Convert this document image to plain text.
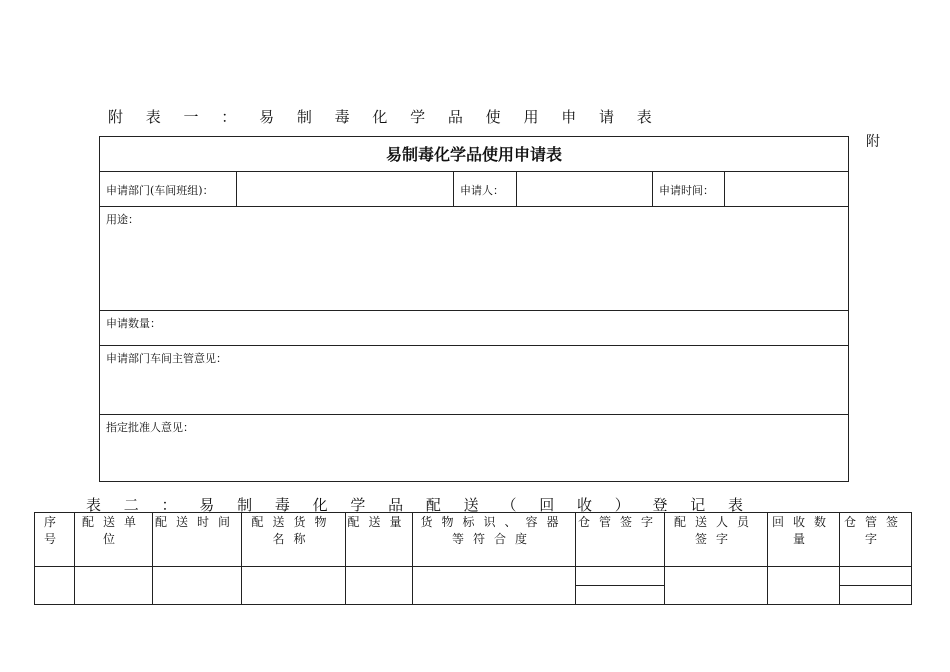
附 表 一 ： 易 制 毒 化 学 品 使 用 申 请 表
附
易制毒化学品使用申请表
申请部门(车间班组)：	申请人：	申请时间：
用途：
申请数量：
申请部门车间主管意见：
指定批准人意见：
表 二 ： 易 制 毒 化 学 品 配 送 （ 回 收 ） 登 记 表
序号	配送单位	配送时间	配送货物名称	配送量	货物标识、容器等符合度	仓管签字	配送人员签字	回收数量	仓管签字
